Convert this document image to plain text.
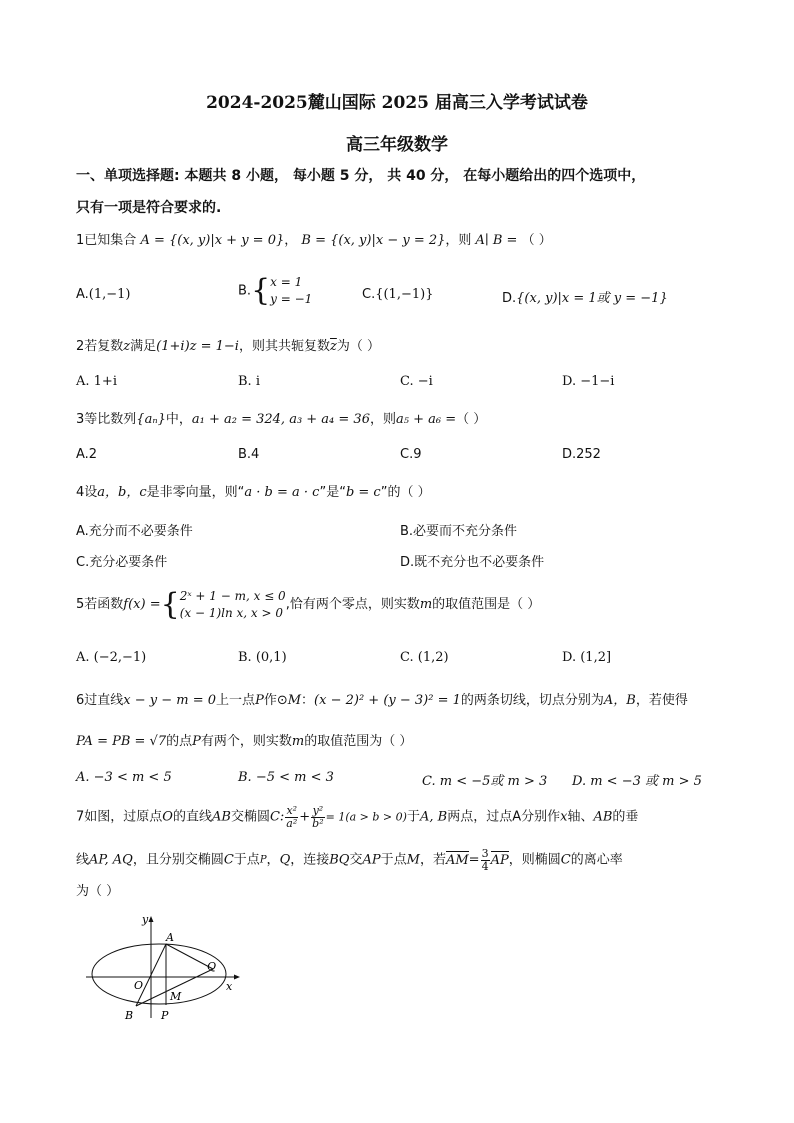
2024-2025麓山国际 2025 届高三入学考试试卷
高三年级数学
一、单项选择题: 本题共 8 小题， 每小题 5 分， 共 40 分， 在每小题给出的四个选项中，
只有一项是符合要求的.
1已知集合 A = {(x, y)|x + y = 0}， B = {(x, y)|x − y = 2}，则 A∣ B = （ ）
A.(1,−1)	B.{ x = 1
y = −1	C.{(1,−1)}	D.{(x, y)|x = 1或 y = −1}
2若复数z满足(1+i)z = 1−i，则其共轭复数$\overline{z}$为（ ）
A. 1+i	B. i	C. −i	D. −1−i
3等比数列{aₙ}中，a₁ + a₂ = 324, a₃ + a₄ = 36，则a₅ + a₆ =（ ）
A.2	B.4	C.9	D.252
4设a，b，c是非零向量，则“a · b = a · c”是“b = c”的（ ）
A.充分而不必要条件	B.必要而不充分条件
C.充分必要条件	D.既不充分也不必要条件
5若函数f(x) ={ 2ˣ + 1 − m, x ≤ 0
(x − 1)ln x, x > 0
,恰有两个零点，则实数m的取值范围是（ ）
A. (−2,−1)	B. (0,1)	C. (1,2)	D. (1,2]
6过直线x − y − m = 0上一点P作⊙M：(x − 2)² + (y − 3)² = 1的两条切线，切点分别为A，B，若使得
PA = PB = √7的点P有两个，则实数m的取值范围为（ ）
A. −3 < m < 5	B. −5 < m < 3	C. m < −5或 m > 3 D. m < −3 或 m > 5
7如图，过原点O的直线AB交椭圆C: $\frac{\text{x²}}{\text{a²}} + \frac{\text{y²}}{\text{b²}} = 1(a > b > 0)$于A, B两点，过点A分别作x轴、AB的垂
线AP, AQ，且分别交椭圆C于点P，Q，连接BQ交AP于点M，若$AM= \frac{3}{4}$ AP，则椭圆C的离心率
为（ ）
A
y
x
O
Q
M
B	P
